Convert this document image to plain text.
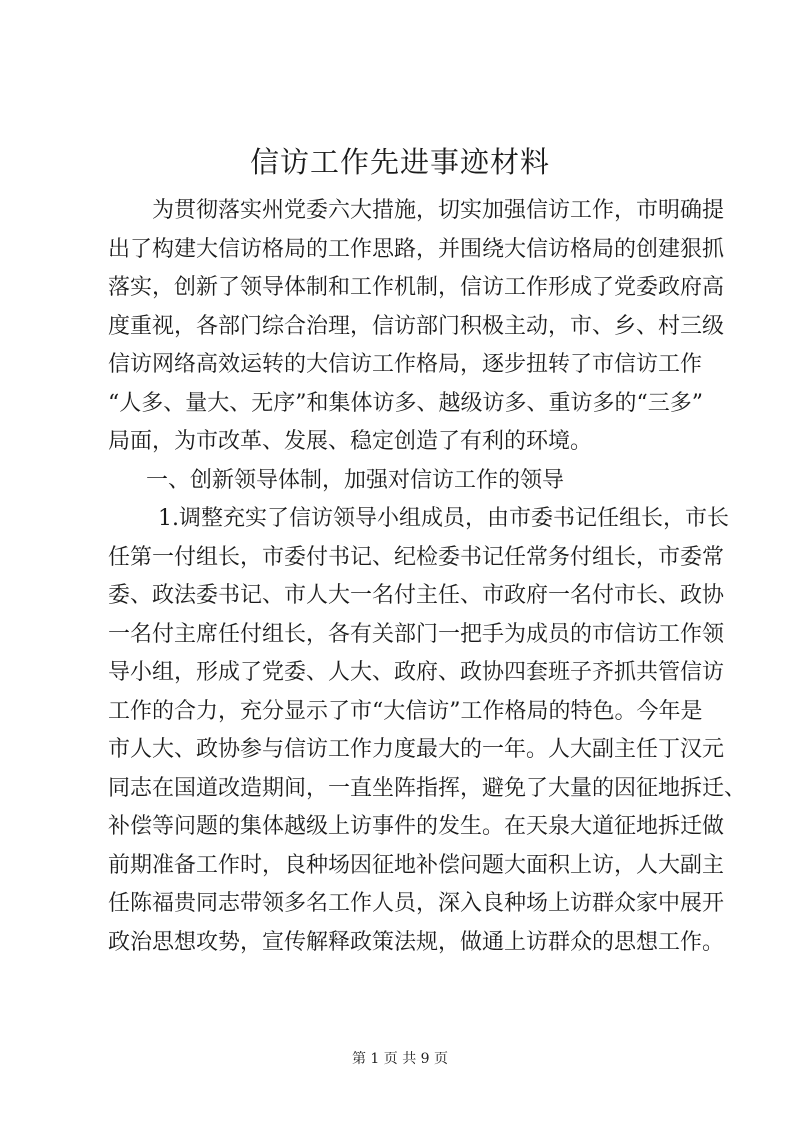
信访工作先进事迹材料
为贯彻落实州党委六大措施，切实加强信访工作，市明确提
出了构建大信访格局的工作思路，并围绕大信访格局的创建狠抓
落实，创新了领导体制和工作机制，信访工作形成了党委政府高
度重视，各部门综合治理，信访部门积极主动，市、乡、村三级
信访网络高效运转的大信访工作格局，逐步扭转了市信访工作
“人多、量大、无序”和集体访多、越级访多、重访多的“三多”
局面，为市改革、发展、稳定创造了有利的环境。
一、创新领导体制，加强对信访工作的领导
1.调整充实了信访领导小组成员，由市委书记任组长，市长
任第一付组长，市委付书记、纪检委书记任常务付组长，市委常
委、政法委书记、市人大一名付主任、市政府一名付市长、政协
一名付主席任付组长，各有关部门一把手为成员的市信访工作领
导小组，形成了党委、人大、政府、政协四套班子齐抓共管信访
工作的合力，充分显示了市“大信访”工作格局的特色。今年是
市人大、政协参与信访工作力度最大的一年。人大副主任丁汉元
同志在国道改造期间，一直坐阵指挥，避免了大量的因征地拆迁、
补偿等问题的集体越级上访事件的发生。在天泉大道征地拆迁做
前期准备工作时，良种场因征地补偿问题大面积上访，人大副主
任陈福贵同志带领多名工作人员，深入良种场上访群众家中展开
政治思想攻势，宣传解释政策法规，做通上访群众的思想工作。
第 1 页 共 9 页
